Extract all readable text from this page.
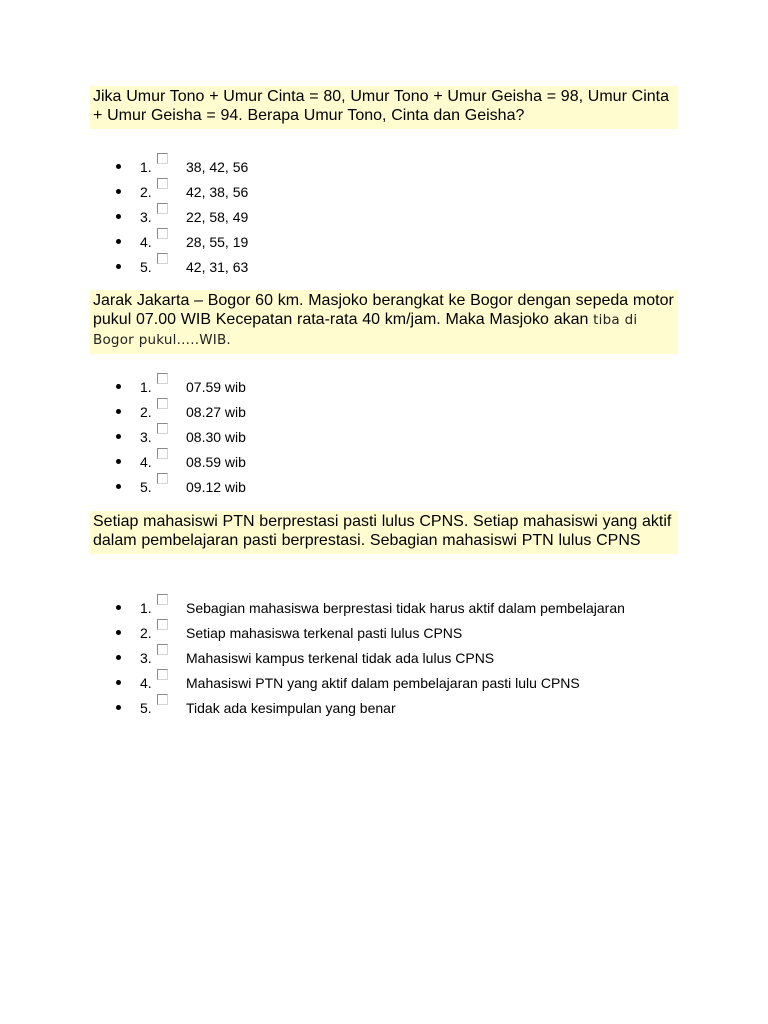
Jika Umur Tono + Umur Cinta = 80, Umur Tono + Umur Geisha = 98, Umur Cinta + Umur Geisha = 94. Berapa Umur Tono, Cinta dan Geisha?
1. 38, 42, 56
2. 42, 38, 56
3. 22, 58, 49
4. 28, 55, 19
5. 42, 31, 63
Jarak Jakarta – Bogor 60 km. Masjoko berangkat ke Bogor dengan sepeda motor pukul 07.00 WIB Kecepatan rata-rata 40 km/jam. Maka Masjoko akan tiba di Bogor pukul…..WIB.
1. 07.59 wib
2. 08.27 wib
3. 08.30 wib
4. 08.59 wib
5. 09.12 wib
Setiap mahasiswi PTN berprestasi pasti lulus CPNS. Setiap mahasiswi yang aktif dalam pembelajaran pasti berprestasi. Sebagian mahasiswi PTN lulus CPNS
1. Sebagian mahasiswa berprestasi tidak harus aktif dalam pembelajaran
2. Setiap mahasiswa terkenal pasti lulus CPNS
3. Mahasiswi kampus terkenal tidak ada lulus CPNS
4. Mahasiswi PTN yang aktif dalam pembelajaran pasti lulu CPNS
5. Tidak ada kesimpulan yang benar
